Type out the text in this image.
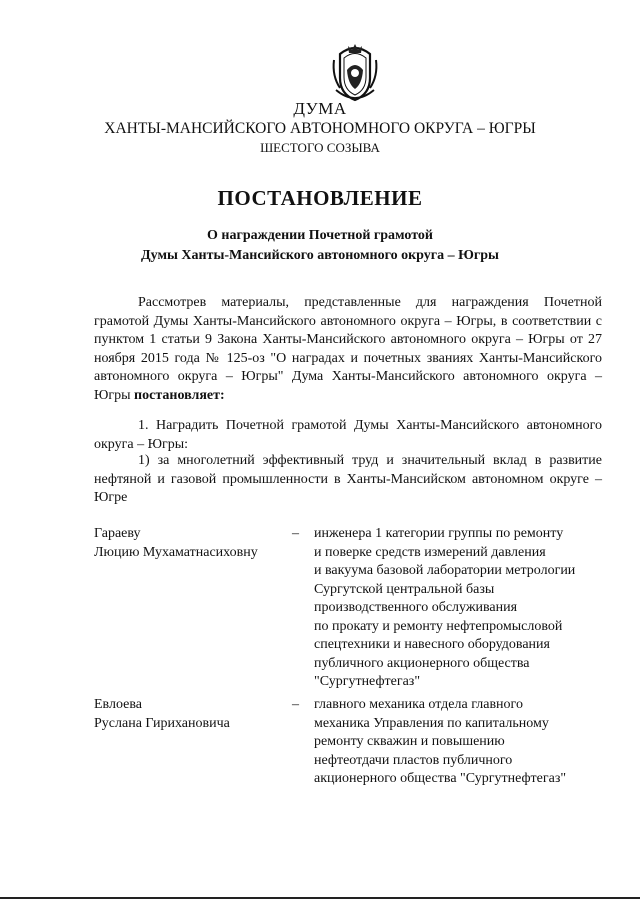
ДУМА
ХАНТЫ-МАНСИЙСКОГО АВТОНОМНОГО ОКРУГА – ЮГРЫ
ШЕСТОГО СОЗЫВА
ПОСТАНОВЛЕНИЕ
О награждении Почетной грамотой
Думы Ханты-Мансийского автономного округа – Югры

Рассмотрев материалы, представленные для награждения Почетной грамотой Думы Ханты-Мансийского автономного округа – Югры, в соответствии с пунктом 1 статьи 9 Закона Ханты-Мансийского автономного округа – Югры от 27 ноября 2015 года № 125-оз "О наградах и почетных званиях Ханты-Мансийского автономного округа – Югры" Дума Ханты-Мансийского автономного округа – Югры постановляет:

1. Наградить Почетной грамотой Думы Ханты-Мансийского автономного округа – Югры:

1) за многолетний эффективный труд и значительный вклад в развитие нефтяной и газовой промышленности в Ханты-Мансийском автономном округе – Югре

Гараеву
Люцию Мухаматнасиховну
– инженера 1 категории группы по ремонту
и поверке средств измерений давления
и вакуума базовой лаборатории метрологии
Сургутской центральной базы
производственного обслуживания
по прокату и ремонту нефтепромысловой
спецтехники и навесного оборудования
публичного акционерного общества
"Сургутнефтегаз"
Евлоева
Руслана Гирихановича
– главного механика отдела главного
механика Управления по капитальному
ремонту скважин и повышению
нефтеотдачи пластов публичного
акционерного общества "Сургутнефтегаз"
